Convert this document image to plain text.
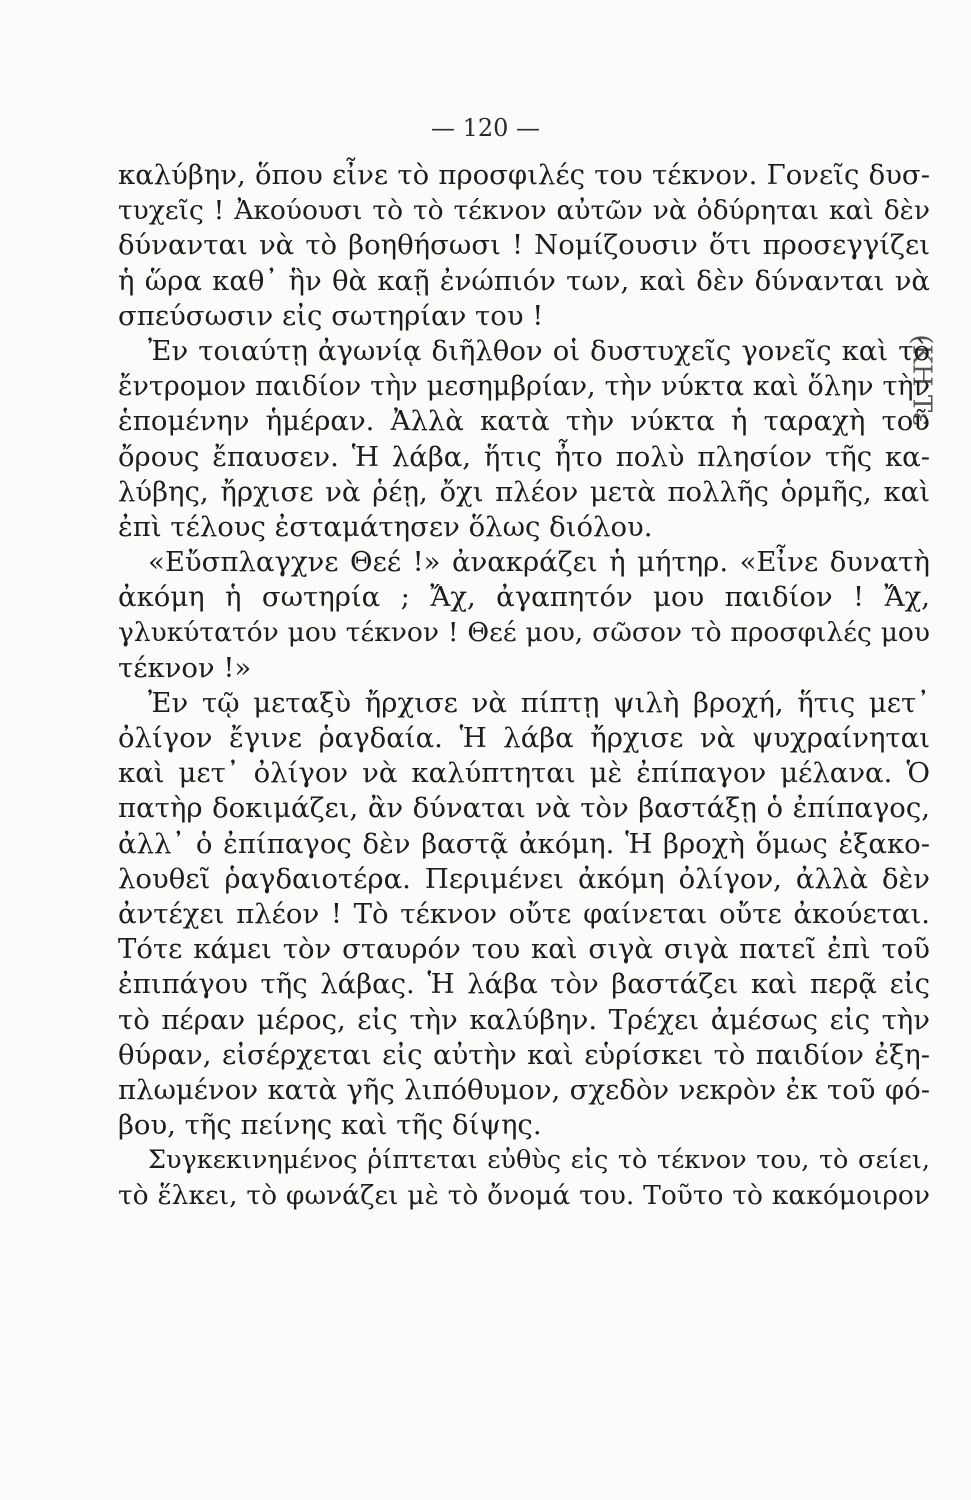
— 120 —
(ΚΗ Τε
καλύβην, ὅπου εἶνε τὸ προσφιλές του τέκνον. Γονεῖς δυσ-
τυχεῖς ! Ἀκούουσι τὸ τὸ τέκνον αὐτῶν νὰ ὀδύρηται καὶ δὲν
δύνανται νὰ τὸ βοηθήσωσι ! Νομίζουσιν ὅτι προσεγγίζει
ἡ ὥρα καθ᾽ ἣν θὰ καῇ ἐνώπιόν των, καὶ δὲν δύνανται νὰ
σπεύσωσιν εἰς σωτηρίαν του !
Ἐν τοιαύτῃ ἀγωνίᾳ διῆλθον οἱ δυστυχεῖς γονεῖς καὶ τὸ
ἔντρομον παιδίον τὴν μεσημβρίαν, τὴν νύκτα καὶ ὅλην τὴν
ἑπομένην ἡμέραν. Ἀλλὰ κατὰ τὴν νύκτα ἡ ταραχὴ τοῦ
ὄρους ἔπαυσεν. Ἡ λάβα, ἥτις ἦτο πολὺ πλησίον τῆς κα-
λύβης, ἤρχισε νὰ ῥέῃ, ὄχι πλέον μετὰ πολλῆς ὁρμῆς, καὶ
ἐπὶ τέλους ἐσταμάτησεν ὅλως διόλου.
«Εὔσπλαγχνε Θεέ !» ἀνακράζει ἡ μήτηρ. «Εἶνε δυνατὴ
ἀκόμη ἡ σωτηρία ; Ἄχ, ἀγαπητόν μου παιδίον ! Ἄχ,
γλυκύτατόν μου τέκνον ! Θεέ μου, σῶσον τὸ προσφιλές μου
τέκνον !»
Ἐν τῷ μεταξὺ ἤρχισε νὰ πίπτῃ ψιλὴ βροχή, ἥτις μετ᾽
ὀλίγον ἔγινε ῥαγδαία. Ἡ λάβα ἤρχισε νὰ ψυχραίνηται
καὶ μετ᾽ ὀλίγον νὰ καλύπτηται μὲ ἐπίπαγον μέλανα. Ὁ
πατὴρ δοκιμάζει, ἂν δύναται νὰ τὸν βαστάξῃ ὁ ἐπίπαγος,
ἀλλ᾽ ὁ ἐπίπαγος δὲν βαστᾷ ἀκόμη. Ἡ βροχὴ ὅμως ἐξακο-
λουθεῖ ῥαγδαιοτέρα. Περιμένει ἀκόμη ὀλίγον, ἀλλὰ δὲν
ἀντέχει πλέον ! Τὸ τέκνον οὔτε φαίνεται οὔτε ἀκούεται.
Τότε κάμει τὸν σταυρόν του καὶ σιγὰ σιγὰ πατεῖ ἐπὶ τοῦ
ἐπιπάγου τῆς λάβας. Ἡ λάβα τὸν βαστάζει καὶ περᾷ εἰς
τὸ πέραν μέρος, εἰς τὴν καλύβην. Τρέχει ἀμέσως εἰς τὴν
θύραν, εἰσέρχεται εἰς αὐτὴν καὶ εὑρίσκει τὸ παιδίον ἐξη-
πλωμένον κατὰ γῆς λιπόθυμον, σχεδὸν νεκρὸν ἐκ τοῦ φό-
βου, τῆς πείνης καὶ τῆς δίψης.
Συγκεκινημένος ῥίπτεται εὐθὺς εἰς τὸ τέκνον του, τὸ σείει,
τὸ ἕλκει, τὸ φωνάζει μὲ τὸ ὄνομά του. Τοῦτο τὸ κακόμοιρον
